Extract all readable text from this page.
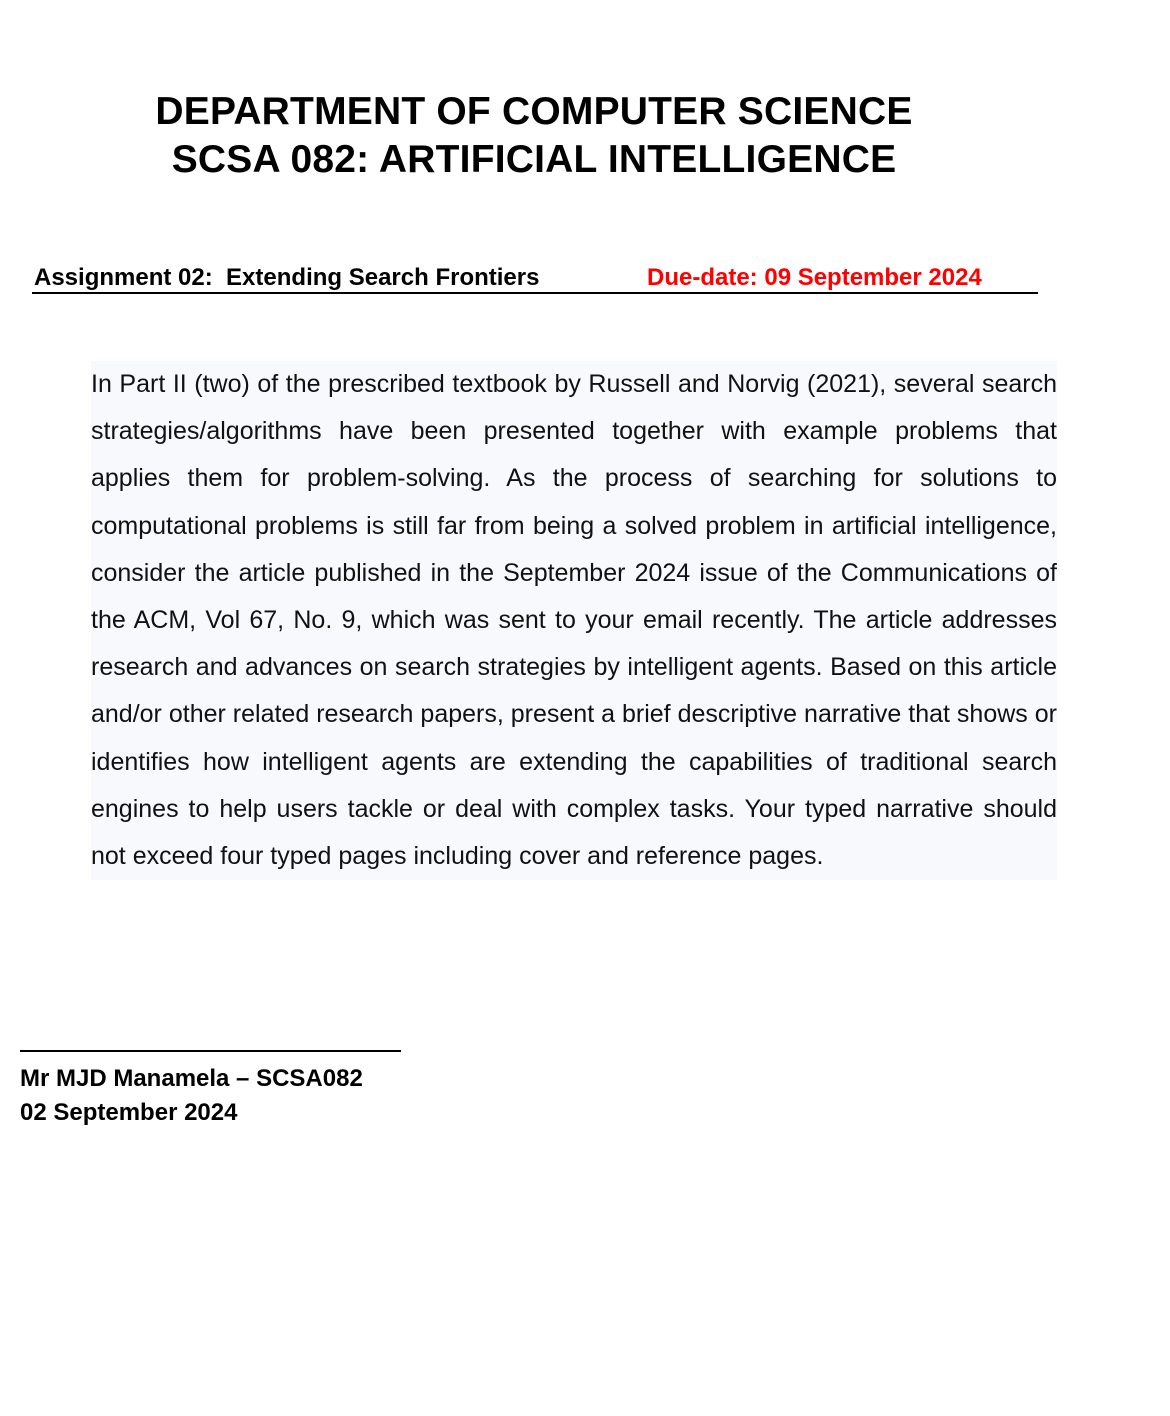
DEPARTMENT OF COMPUTER SCIENCE
SCSA 082: ARTIFICIAL INTELLIGENCE
Assignment 02:  Extending Search Frontiers	Due-date: 09 September 2024
In Part II (two) of the prescribed textbook by Russell and Norvig (2021), several search strategies/algorithms have been presented together with example problems that applies them for problem-solving. As the process of searching for solutions to computational problems is still far from being a solved problem in artificial intelligence, consider the article published in the September 2024 issue of the Communications of the ACM, Vol 67, No. 9, which was sent to your email recently. The article addresses research and advances on search strategies by intelligent agents. Based on this article and/or other related research papers, present a brief descriptive narrative that shows or identifies how intelligent agents are extending the capabilities of traditional search engines to help users tackle or deal with complex tasks. Your typed narrative should not exceed four typed pages including cover and reference pages.
Mr MJD Manamela – SCSA082
02 September 2024
